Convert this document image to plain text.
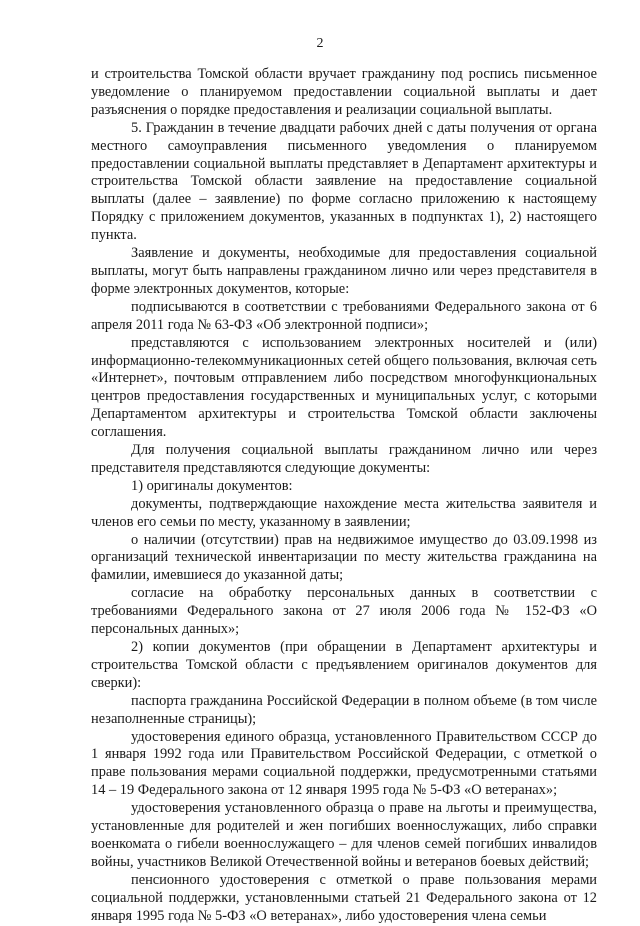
2

и строительства Томской области вручает гражданину под роспись письменное уведомление о планируемом предоставлении социальной выплаты и дает разъяснения о порядке предоставления и реализации социальной выплаты.

5. Гражданин в течение двадцати рабочих дней с даты получения от органа местного самоуправления письменного уведомления о планируемом предоставлении социальной выплаты представляет в Департамент архитектуры и строительства Томской области заявление на предоставление социальной выплаты (далее – заявление) по форме согласно приложению к настоящему Порядку с приложением документов, указанных в подпунктах 1), 2) настоящего пункта.

Заявление и документы, необходимые для предоставления социальной выплаты, могут быть направлены гражданином лично или через представителя в форме электронных документов, которые:

подписываются в соответствии с требованиями Федерального закона от 6 апреля 2011 года № 63-ФЗ «Об электронной подписи»;

представляются с использованием электронных носителей и (или) информационно-телекоммуникационных сетей общего пользования, включая сеть «Интернет», почтовым отправлением либо посредством многофункциональных центров предоставления государственных и муниципальных услуг, с которыми Департаментом архитектуры и строительства Томской области заключены соглашения.

Для получения социальной выплаты гражданином лично или через представителя представляются следующие документы:

1) оригиналы документов:

документы, подтверждающие нахождение места жительства заявителя и членов его семьи по месту, указанному в заявлении;

о наличии (отсутствии) прав на недвижимое имущество до 03.09.1998 из организаций технической инвентаризации по месту жительства гражданина на фамилии, имевшиеся до указанной даты;

согласие на обработку персональных данных в соответствии с требованиями Федерального закона от 27 июля 2006 года № 152-ФЗ «О персональных данных»;

2) копии документов (при обращении в Департамент архитектуры и строительства Томской области с предъявлением оригиналов документов для сверки):

паспорта гражданина Российской Федерации в полном объеме (в том числе незаполненные страницы);

удостоверения единого образца, установленного Правительством СССР до 1 января 1992 года или Правительством Российской Федерации, с отметкой о праве пользования мерами социальной поддержки, предусмотренными статьями 14 – 19 Федерального закона от 12 января 1995 года № 5-ФЗ «О ветеранах»;

удостоверения установленного образца о праве на льготы и преимущества, установленные для родителей и жен погибших военнослужащих, либо справки военкомата о гибели военнослужащего – для членов семей погибших инвалидов войны, участников Великой Отечественной войны и ветеранов боевых действий;

пенсионного удостоверения с отметкой о праве пользования мерами социальной поддержки, установленными статьей 21 Федерального закона от 12 января 1995 года № 5-ФЗ «О ветеранах», либо удостоверения члена семьи
